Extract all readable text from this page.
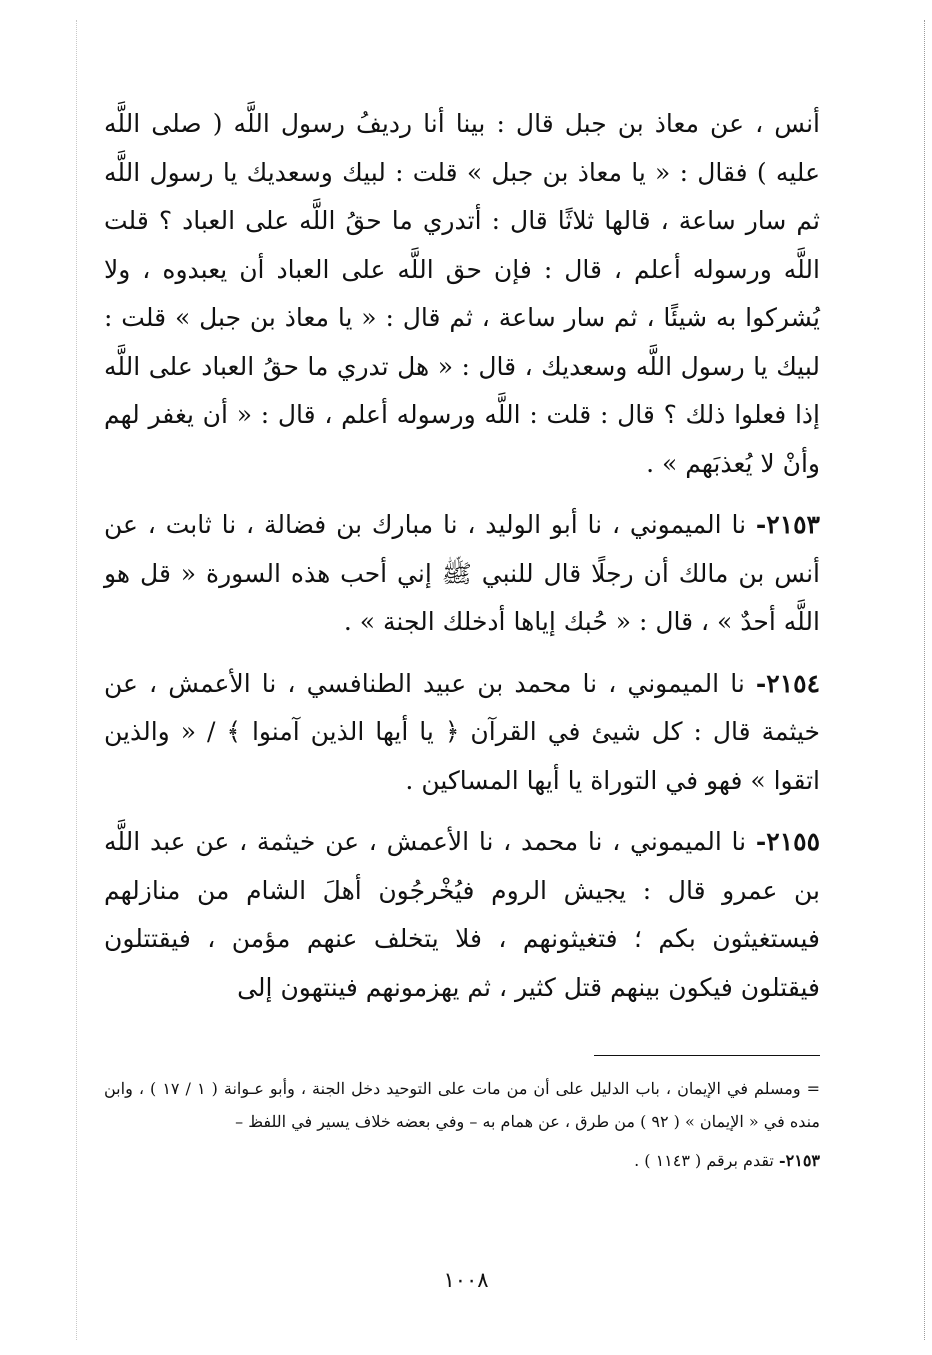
أنس ، عن معاذ بن جبل قال : بينا أنا رديفُ رسول اللَّه ( صلى اللَّه عليه ) فقال : « يا معاذ بن جبل » قلت : لبيك وسعديك يا رسول اللَّه ثم سار ساعة ، قالها ثلاثًا قال : أتدري ما حقُ اللَّه على العباد ؟ قلت اللَّه ورسوله أعلم ، قال : فإن حق اللَّه على العباد أن يعبدوه ، ولا يُشركوا به شيئًا ، ثم سار ساعة ، ثم قال : « يا معاذ بن جبل » قلت : لبيك يا رسول اللَّه وسعديك ، قال : « هل تدري ما حقُ العباد على اللَّه إذا فعلوا ذلك ؟ قال : قلت : اللَّه ورسوله أعلم ، قال : « أن يغفر لهم وأنْ لا يُعذبَهم » .

٢١٥٣- نا الميموني ، نا أبو الوليد ، نا مبارك بن فضالة ، نا ثابت ، عن أنس بن مالك أن رجلًا قال للنبي ﷺ إني أحب هذه السورة « قل هو اللَّه أحدٌ » ، قال : « حُبك إياها أدخلك الجنة » .

٢١٥٤- نا الميموني ، نا محمد بن عبيد الطنافسي ، نا الأعمش ، عن خيثمة قال : كل شيئ في القرآن ﴿ يا أيها الذين آمنوا ﴾ / « والذين اتقوا » فهو في التوراة يا أيها المساكين .

٢١٥٥- نا الميموني ، نا محمد ، نا الأعمش ، عن خيثمة ، عن عبد اللَّه بن عمرو قال : يجيش الروم فيُخْرجُون أهلَ الشام من منازلهم فيستغيثون بكم ؛ فتغيثونهم ، فلا يتخلف عنهم مؤمن ، فيقتتلون فيقتلون فيكون بينهم قتل كثير ، ثم يهزمونهم فينتهون إلى

= ومسلم في الإيمان ، باب الدليل على أن من مات على التوحيد دخل الجنة ، وأبو عـوانة ( ١ / ١٧ ) ، وابن منده في « الإيمان » ( ٩٢ ) من طرق ، عن همام به – وفي بعضه خلاف يسير في اللفظ –

٢١٥٣- تقدم برقم ( ١١٤٣ ) .

١٠٠٨
